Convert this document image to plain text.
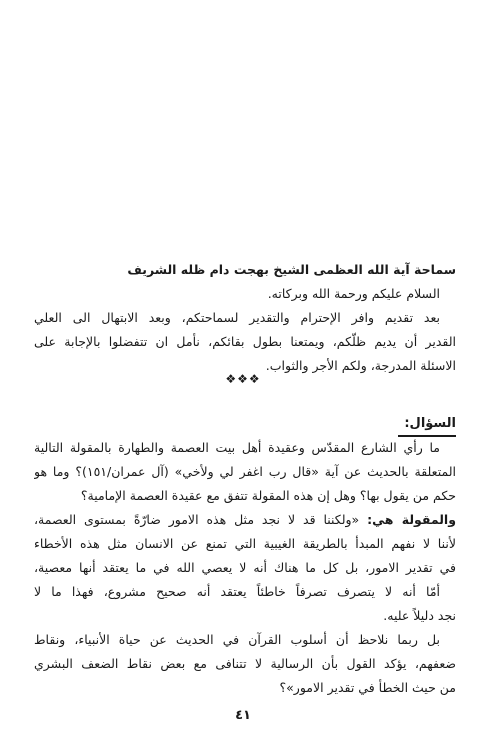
سماحة آية الله العظمى الشيخ بهجت دام ظله الشريف
السلام عليكم ورحمة الله وبركاته.
بعد تقديم وافر الإحترام والتقدير لسماحتكم، وبعد الابتهال الى العلي
القدير أن يديم ظلّكم، ويمتعنا بطول بقائكم، نأمل ان تتفضلوا بالإجابة على
الاسئلة المدرجة، ولكم الأجر والثواب.
❖❖❖
السؤال:
ما رأي الشارع المقدّس وعقيدة أهل بيت العصمة والطهارة بالمقولة التالية
المتعلقة بالحديث عن آية «قال رب اغفر لي ولأخي» (آل عمران/١٥١)؟ وما هو
حكم من يقول بها؟ وهل إن هذه المقولة تتفق مع عقيدة العصمة الإمامية؟
والمقولة هي: «ولكننا قد لا نجد مثل هذه الامور ضارّةً بمستوى العصمة،
لأننا لا نفهم المبدأ بالطريقة الغيبية التي تمنع عن الانسان مثل هذه الأخطاء
في تقدير الامور، بل كل ما هناك أنه لا يعصي الله في ما يعتقد أنها معصية،
أمّا أنه لا يتصرف تصرفاً خاطئاً يعتقد أنه صحيح مشروع، فهذا ما لا
نجد دليلاً عليه.
بل ربما نلاحظ أن أسلوب القرآن في الحديث عن حياة الأنبياء، ونقاط
ضعفهم، يؤكد القول بأن الرسالية لا تتنافى مع بعض نقاط الضعف البشري
من حيث الخطأ في تقدير الامور»؟
٤١
